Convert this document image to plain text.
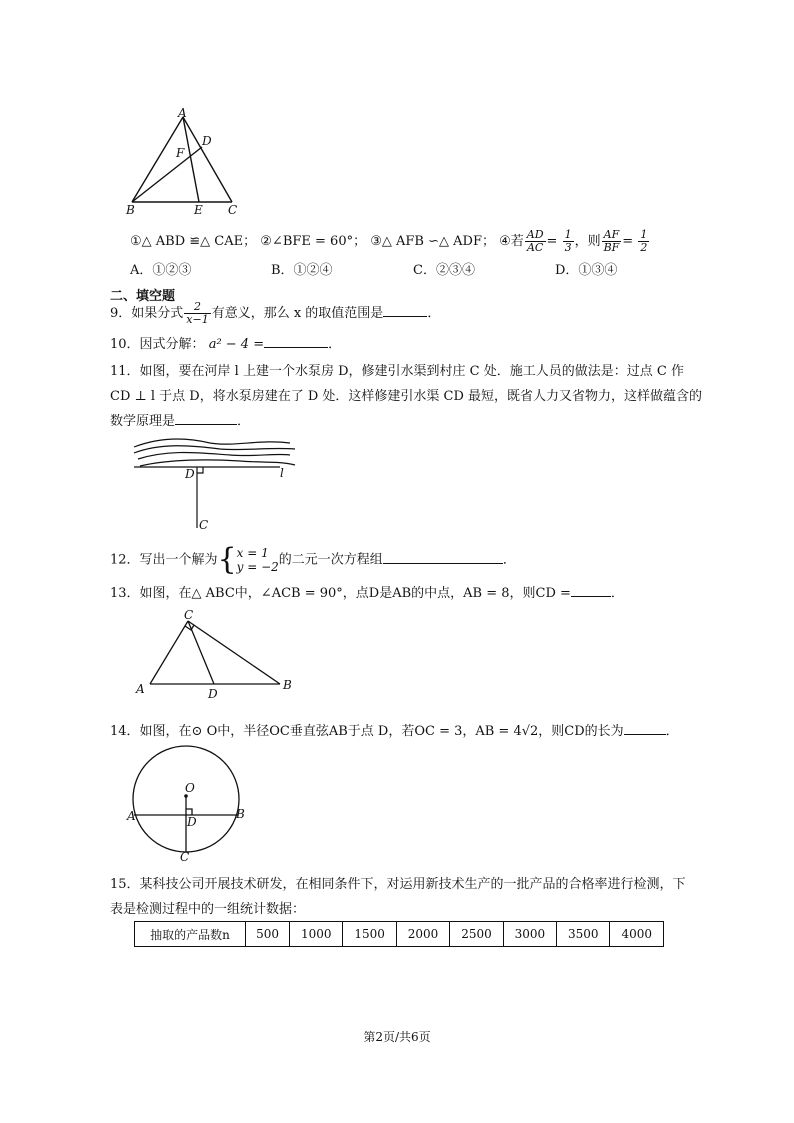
A
D
F
B	E C
①△ ABD ≌△ CAE； ②∠BFE = 60°； ③△ AFB ∽△ ADF； ④若 $\frac{AD}{AC} = \frac{1}{3}$ ，则 $\frac{AF}{BF} = \frac{1}{2}$
A．①②③	B．①②④	C．②③④	D．①③④
二、填空题
9．如果分式 $\frac{2}{x-1}$ 有意义，那么 x 的取值范围是	．
10．因式分解： a² − 4 =	．
11．如图，要在河岸 l 上建一个水泵房 D，修建引水渠到村庄 C 处．施工人员的做法是：过点 C 作
CD ⊥ l 于点 D，将水泵房建在了 D 处．这样修建引水渠 CD 最短，既省人力又省物力，这样做蕴含的
数学原理是	．
D	l
C
12．写出一个解为{ x = 1
y = −2 的二元一次方程组	．
13．如图，在△ ABC中，∠ACB = 90°，点D是AB的中点，AB = 8，则CD =	．
C
A	D
B
14．如图，在⊙ O中，半径OC垂直弦AB于点 D，若OC = 3，AB = 4√2，则CD的长为	．
O
A	B
D
C
15．某科技公司开展技术研发，在相同条件下，对运用新技术生产的一批产品的合格率进行检测，下
表是检测过程中的一组统计数据：
抽取的产品数n	500	1000	1500	2000	2500	3000	3500	4000
第2页/共6页
